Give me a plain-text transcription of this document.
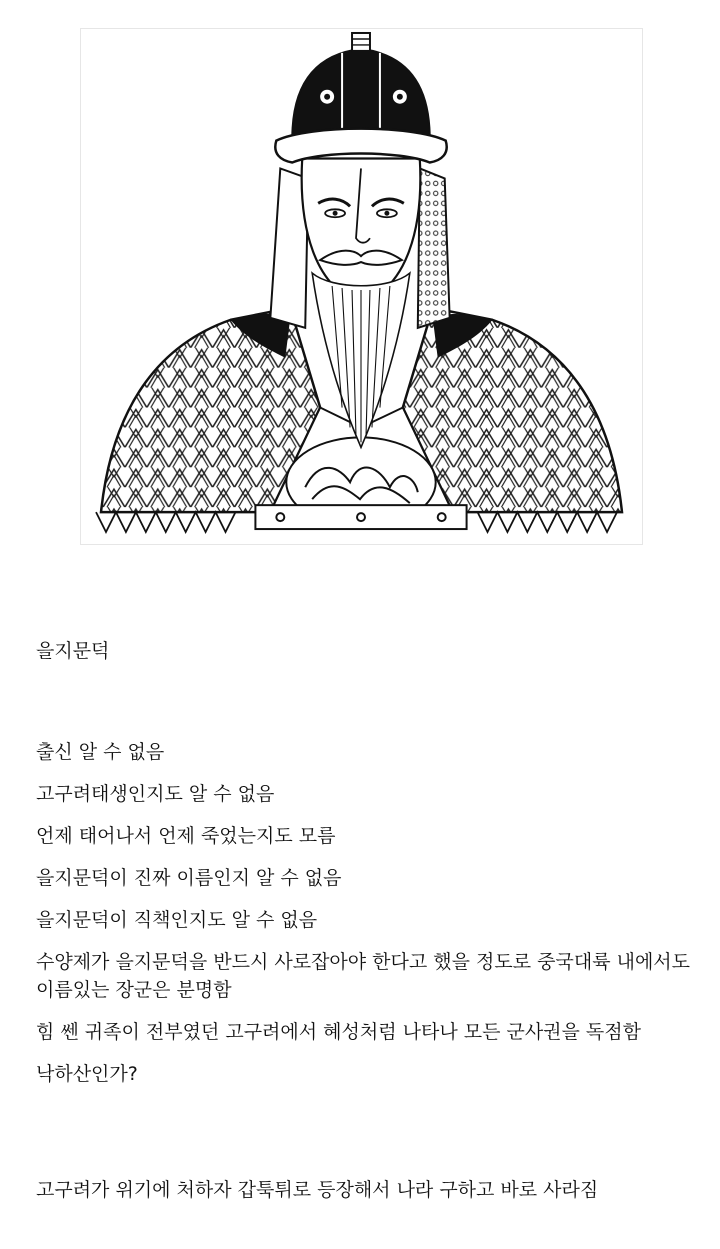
을지문덕

출신 알 수 없음
고구려태생인지도 알 수 없음
언제 태어나서 언제 죽었는지도 모름
을지문덕이 진짜 이름인지 알 수 없음
을지문덕이 직책인지도 알 수 없음
수양제가 을지문덕을 반드시 사로잡아야 한다고 했을 정도로 중국대륙 내에서도 이름있는 장군은 분명함
힘 쎈 귀족이 전부였던 고구려에서 혜성처럼 나타나 모든 군사권을 독점함
낙하산인가?

고구려가 위기에 처하자 갑툭튀로 등장해서 나라 구하고 바로 사라짐
